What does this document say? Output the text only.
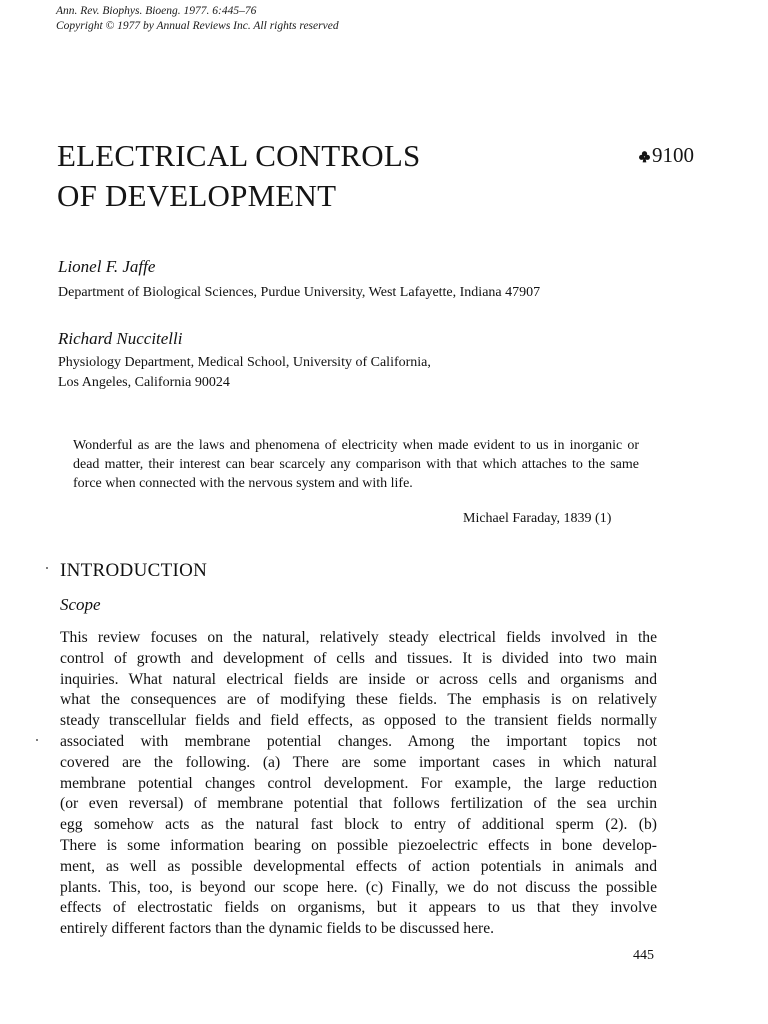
Ann. Rev. Biophys. Bioeng. 1977. 6:445–76
Copyright © 1977 by Annual Reviews Inc. All rights reserved
ELECTRICAL CONTROLS
OF DEVELOPMENT
9100
Lionel F. Jaffe
Department of Biological Sciences, Purdue University, West Lafayette, Indiana 47907
Richard Nuccitelli
Physiology Department, Medical School, University of California,
Los Angeles, California 90024
Wonderful as are the laws and phenomena of electricity when made evident to us in inorganic or dead matter, their interest can bear scarcely any comparison with that which attaches to the same force when connected with the nervous system and with life.
Michael Faraday, 1839 (1)
INTRODUCTION
Scope
This review focuses on the natural, relatively steady electrical fields involved in the
control of growth and development of cells and tissues. It is divided into two main
inquiries. What natural electrical fields are inside or across cells and organisms and
what the consequences are of modifying these fields. The emphasis is on relatively
steady transcellular fields and field effects, as opposed to the transient fields normally
associated with membrane potential changes. Among the important topics not
covered are the following. (a) There are some important cases in which natural
membrane potential changes control development. For example, the large reduction
(or even reversal) of membrane potential that follows fertilization of the sea urchin
egg somehow acts as the natural fast block to entry of additional sperm (2). (b)
There is some information bearing on possible piezoelectric effects in bone develop-
ment, as well as possible developmental effects of action potentials in animals and
plants. This, too, is beyond our scope here. (c) Finally, we do not discuss the possible
effects of electrostatic fields on organisms, but it appears to us that they involve
entirely different factors than the dynamic fields to be discussed here.
445
